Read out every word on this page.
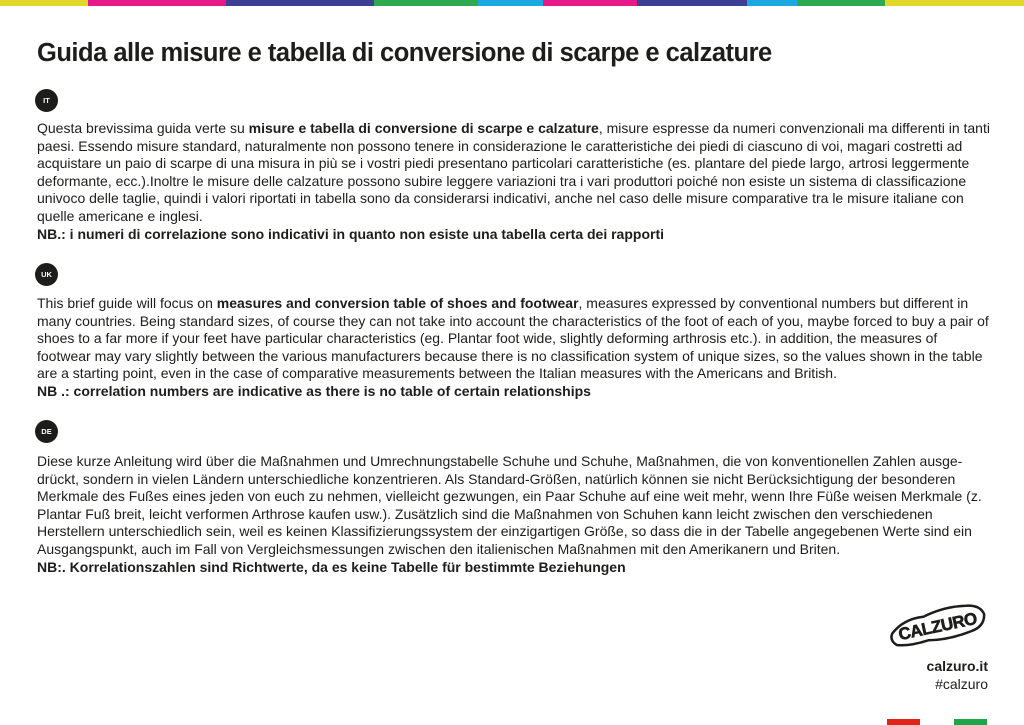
Guida alle misure e tabella di conversione di scarpe e calzature
IT

Questa brevissima guida verte su misure e tabella di conversione di scarpe e calzature, misure espresse da numeri convenzionali ma differenti in tanti paesi. Essendo misure standard, naturalmente non possono tenere in considerazione le caratteristiche dei piedi di ciascuno di voi, magari costretti ad acquistare un paio di scarpe di una misura in più se i vostri piedi presentano particolari caratteristiche (es. plantare del piede largo, artrosi leggermente deformante, ecc.).Inoltre le misure delle calzature possono subire leggere variazioni tra i vari produttori poiché non esiste un sistema di classificazione univoco delle taglie, quindi i valori riportati in tabella sono da considerarsi indicativi, anche nel caso delle misure comparative tra le misure italiane con quelle americane e inglesi.
NB.: i numeri di correlazione sono indicativi in quanto non esiste una tabella certa dei rapporti

UK

This brief guide will focus on measures and conversion table of shoes and footwear, measures expressed by conventional numbers but different in many countries. Being standard sizes, of course they can not take into account the characteristics of the foot of each of you, maybe forced to buy a pair of shoes to a far more if your feet have particular characteristics (eg. Plantar foot wide, slightly deforming arthrosis etc.). in addition, the measures of footwear may vary slightly between the various manufacturers because there is no classification system of unique sizes, so the values shown in the table are a starting point, even in the case of comparative measurements between the Italian measures with the Americans and British.
NB .: correlation numbers are indicative as there is no table of certain relationships

DE

Diese kurze Anleitung wird über die Maßnahmen und Umrechnungstabelle Schuhe und Schuhe, Maßnahmen, die von konventionellen Zahlen ausge-drückt, sondern in vielen Ländern unterschiedliche konzentrieren. Als Standard-Größen, natürlich können sie nicht Berücksichtigung der besonderen Merkmale des Fußes eines jeden von euch zu nehmen, vielleicht gezwungen, ein Paar Schuhe auf eine weit mehr, wenn Ihre Füße weisen Merkmale (z. Plantar Fuß breit, leicht verformen Arthrose kaufen usw.). Zusätzlich sind die Maßnahmen von Schuhen kann leicht zwischen den verschiedenen Herstellern unterschiedlich sein, weil es keinen Klassifizierungssystem der einzigartigen Größe, so dass die in der Tabelle angegebenen Werte sind ein Ausgangspunkt, auch im Fall von Vergleichsmessungen zwischen den italienischen Maßnahmen mit den Amerikanern und Briten.
NB:. Korrelationszahlen sind Richtwerte, da es keine Tabelle für bestimmte Beziehungen

CALZURO
calzuro.it
#calzuro
